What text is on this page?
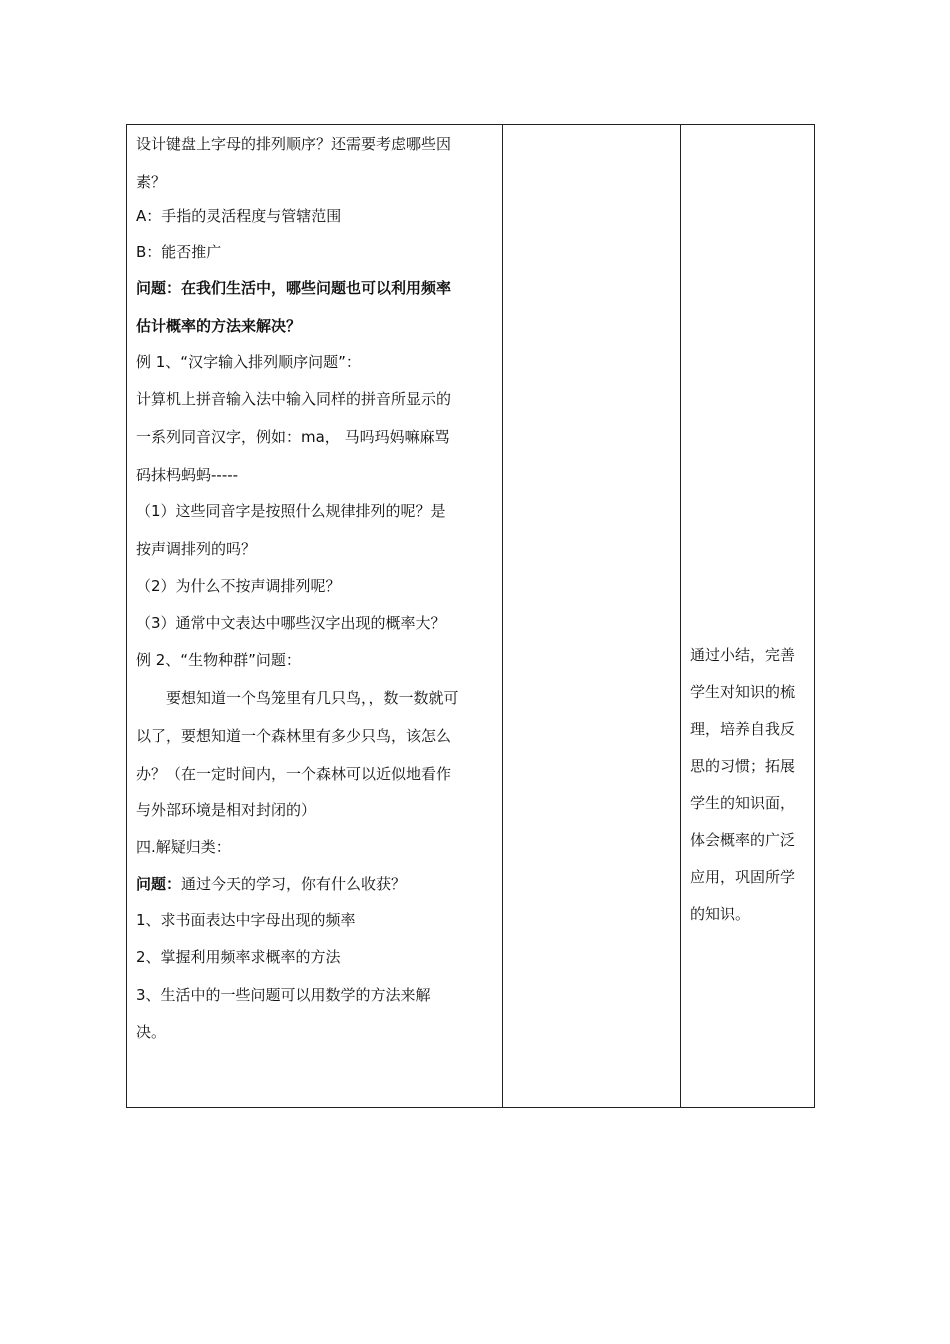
设计键盘上字母的排列顺序？还需要考虑哪些因
素？
A：手指的灵活程度与管辖范围
B：能否推广
问题：在我们生活中，哪些问题也可以利用频率
估计概率的方法来解决？
例 1、“汉字输入排列顺序问题”：
计算机上拼音输入法中输入同样的拼音所显示的
一系列同音汉字，例如：ma， 马吗玛妈嘛麻骂
码抹杩蚂蚂-----
（1）这些同音字是按照什么规律排列的呢？是
按声调排列的吗？
（2）为什么不按声调排列呢？
（3）通常中文表达中哪些汉字出现的概率大？
例 2、“生物种群”问题：
要想知道一个鸟笼里有几只鸟，，数一数就可
以了，要想知道一个森林里有多少只鸟，该怎么
办？（在一定时间内，一个森林可以近似地看作
与外部环境是相对封闭的）
四.解疑归类：
问题：通过今天的学习，你有什么收获？
1、求书面表达中字母出现的频率
2、掌握利用频率求概率的方法
3、生活中的一些问题可以用数学的方法来解
决。
通过小结，完善
学生对知识的梳
理，培养自我反
思的习惯；拓展
学生的知识面，
体会概率的广泛
应用，巩固所学
的知识。
